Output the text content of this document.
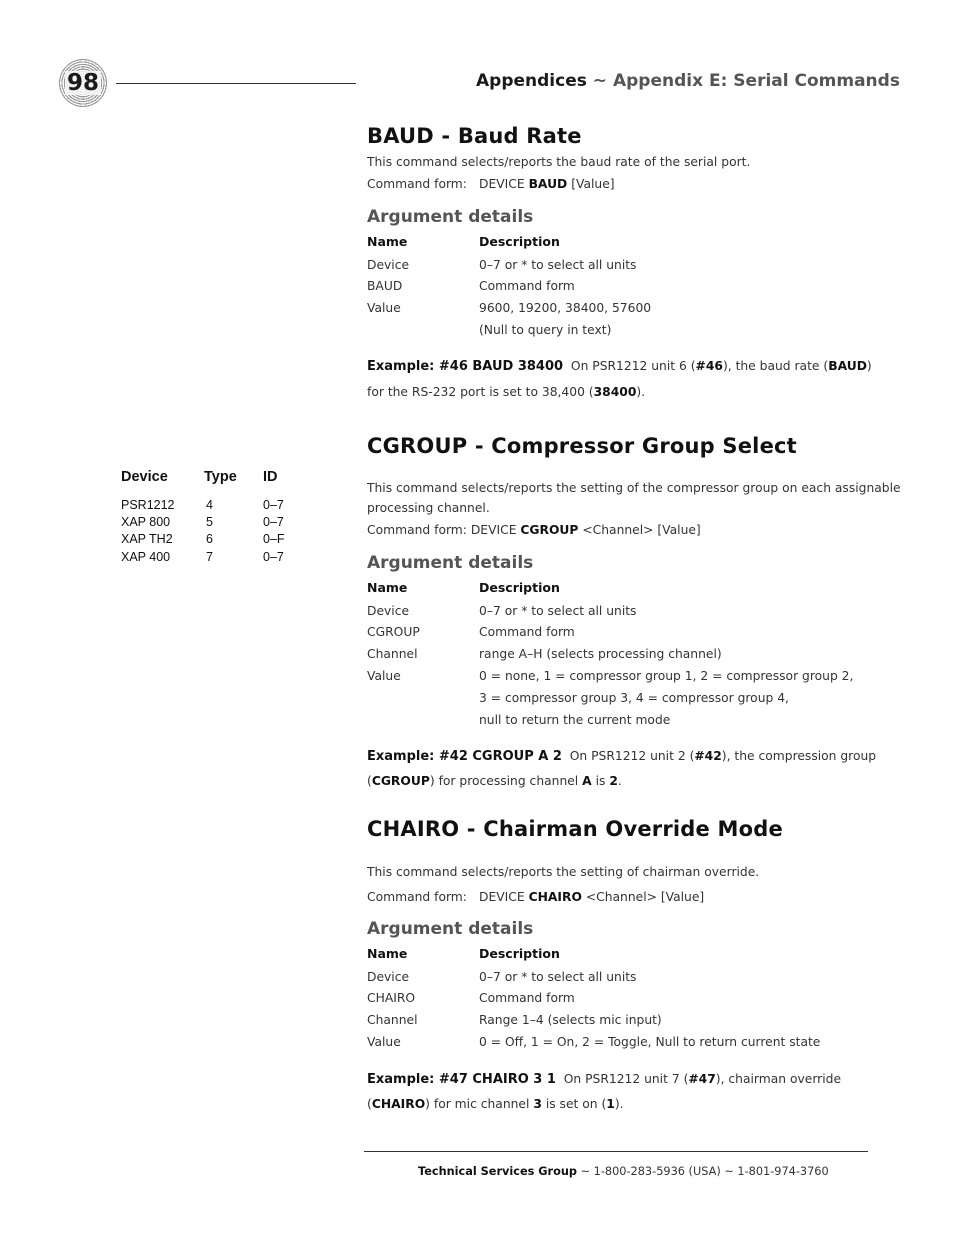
98	Appendices ~ Appendix E: Serial Commands
BAUD - Baud Rate
This command selects/reports the baud rate of the serial port.
Command form: DEVICE BAUD [Value]
Argument details
Name	Description
Device	0–7 or * to select all units
BAUD	Command form
Value	9600, 19200, 38400, 57600
(Null to query in text)
Example: #46 BAUD 38400 On PSR1212 unit 6 (#46), the baud rate (BAUD)
for the RS-232 port is set to 38,400 (38400).
CGROUP - Compressor Group Select
This command selects/reports the setting of the compressor group on each assignable
processing channel.
Command form: DEVICE CGROUP <Channel> [Value]
Argument details
Name	Description
Device	0–7 or * to select all units
CGROUP	Command form
Channel	range A–H (selects processing channel)
Value	0 = none, 1 = compressor group 1, 2 = compressor group 2,
3 = compressor group 3, 4 = compressor group 4,
null to return the current mode
Example: #42 CGROUP A 2 On PSR1212 unit 2 (#42), the compression group
(CGROUP) for processing channel A is 2.
CHAIRO - Chairman Override Mode
This command selects/reports the setting of chairman override.
Command form: DEVICE CHAIRO <Channel> [Value]
Argument details
Name	Description
Device	0–7 or * to select all units
CHAIRO	Command form
Channel	Range 1–4 (selects mic input)
Value	0 = Off, 1 = On, 2 = Toggle, Null to return current state
Example: #47 CHAIRO 3 1 On PSR1212 unit 7 (#47), chairman override
(CHAIRO) for mic channel 3 is set on (1).
Device Type ID
PSR1212	4	0–7
XAP 800	5	0–7
XAP TH2	6	0–F
XAP 400	7	0–7
Technical Services Group ~ 1-800-283-5936 (USA) ~ 1-801-974-3760
